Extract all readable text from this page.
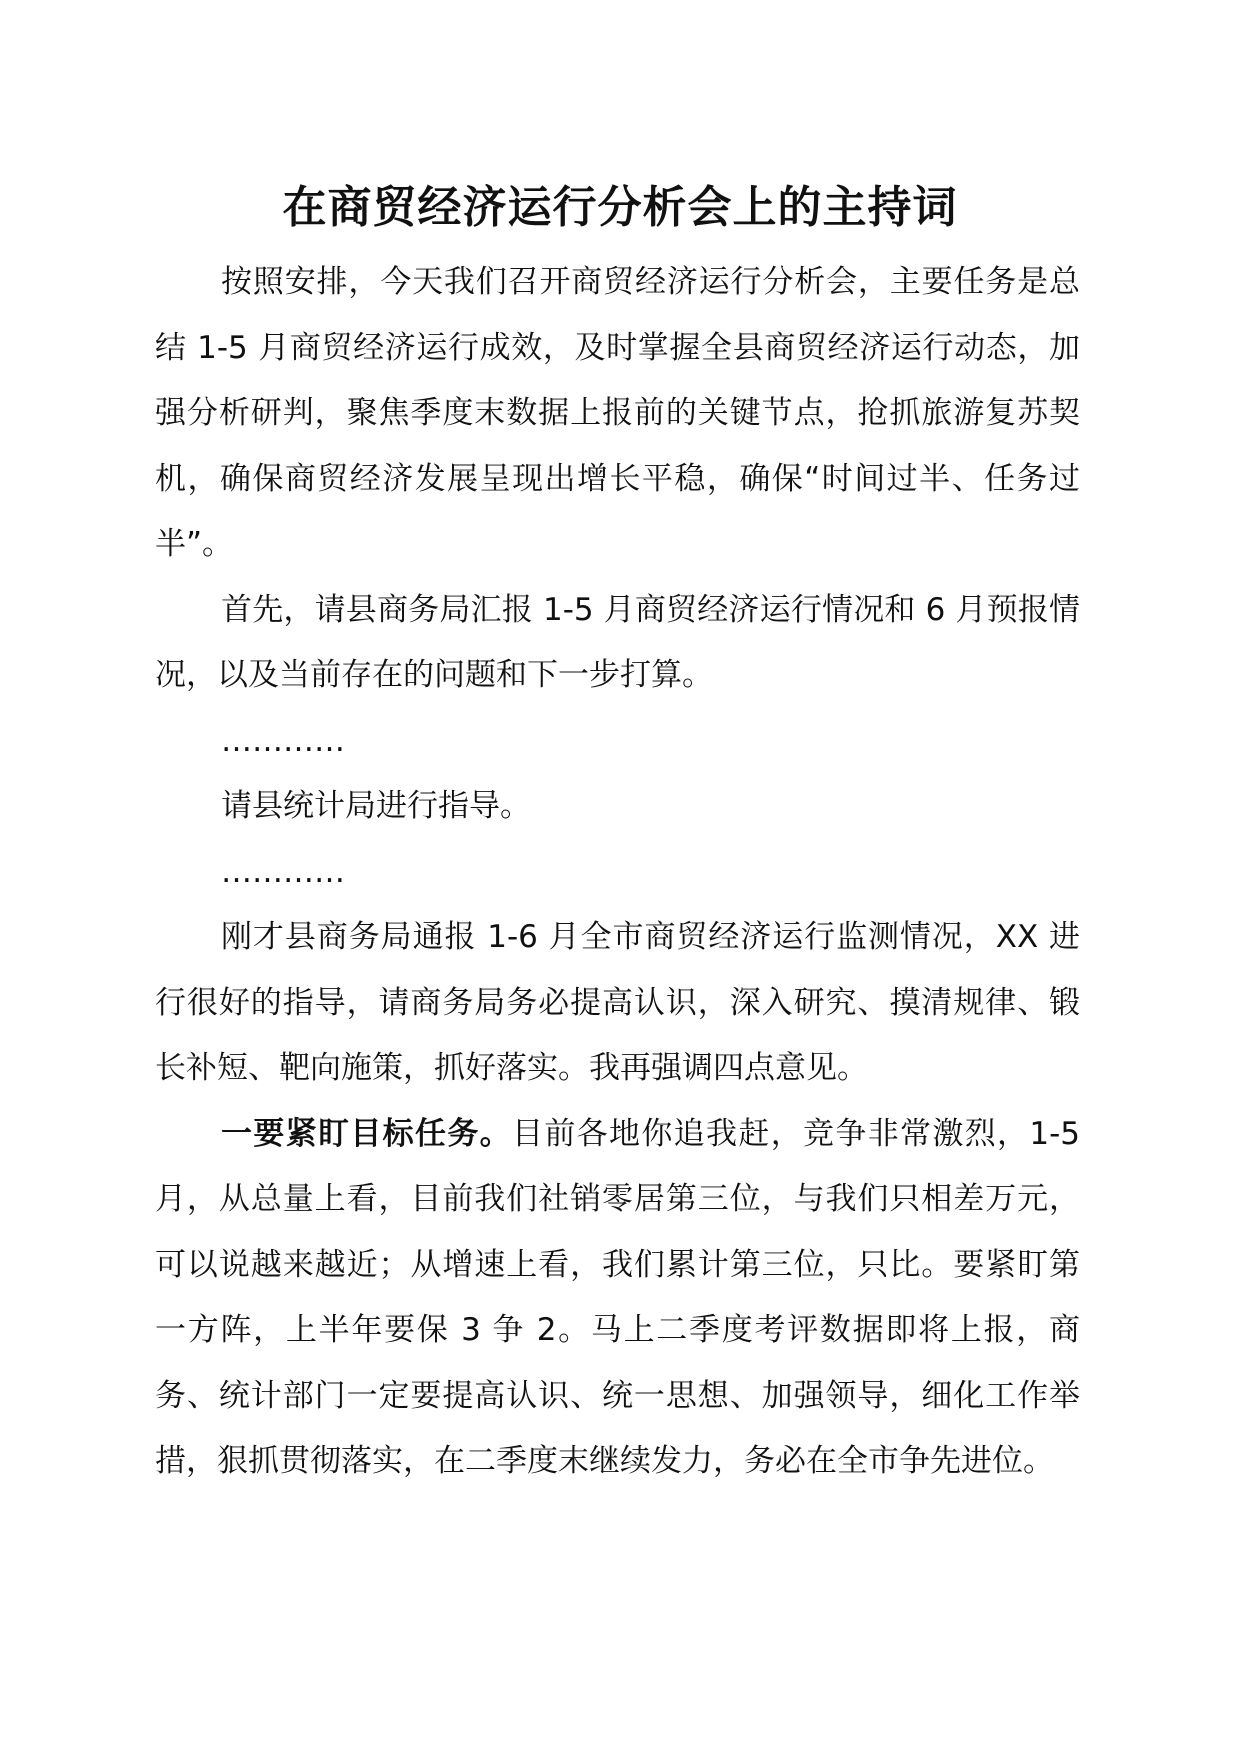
在商贸经济运行分析会上的主持词

按照安排，今天我们召开商贸经济运行分析会，主要任务是总结 1-5 月商贸经济运行成效，及时掌握全县商贸经济运行动态，加强分析研判，聚焦季度末数据上报前的关键节点，抢抓旅游复苏契机，确保商贸经济发展呈现出增长平稳，确保“时间过半、任务过半”。

首先，请县商务局汇报 1-5 月商贸经济运行情况和 6 月预报情况，以及当前存在的问题和下一步打算。

…………

请县统计局进行指导。

…………

刚才县商务局通报 1-6 月全市商贸经济运行监测情况，XX 进行很好的指导，请商务局务必提高认识，深入研究、摸清规律、锻长补短、靶向施策，抓好落实。我再强调四点意见。

一要紧盯目标任务。目前各地你追我赶，竞争非常激烈，1-5 月，从总量上看，目前我们社销零居第三位，与我们只相差万元，可以说越来越近；从增速上看，我们累计第三位，只比。要紧盯第一方阵，上半年要保 3 争 2。马上二季度考评数据即将上报，商务、统计部门一定要提高认识、统一思想、加强领导，细化工作举措，狠抓贯彻落实，在二季度末继续发力，务必在全市争先进位。
